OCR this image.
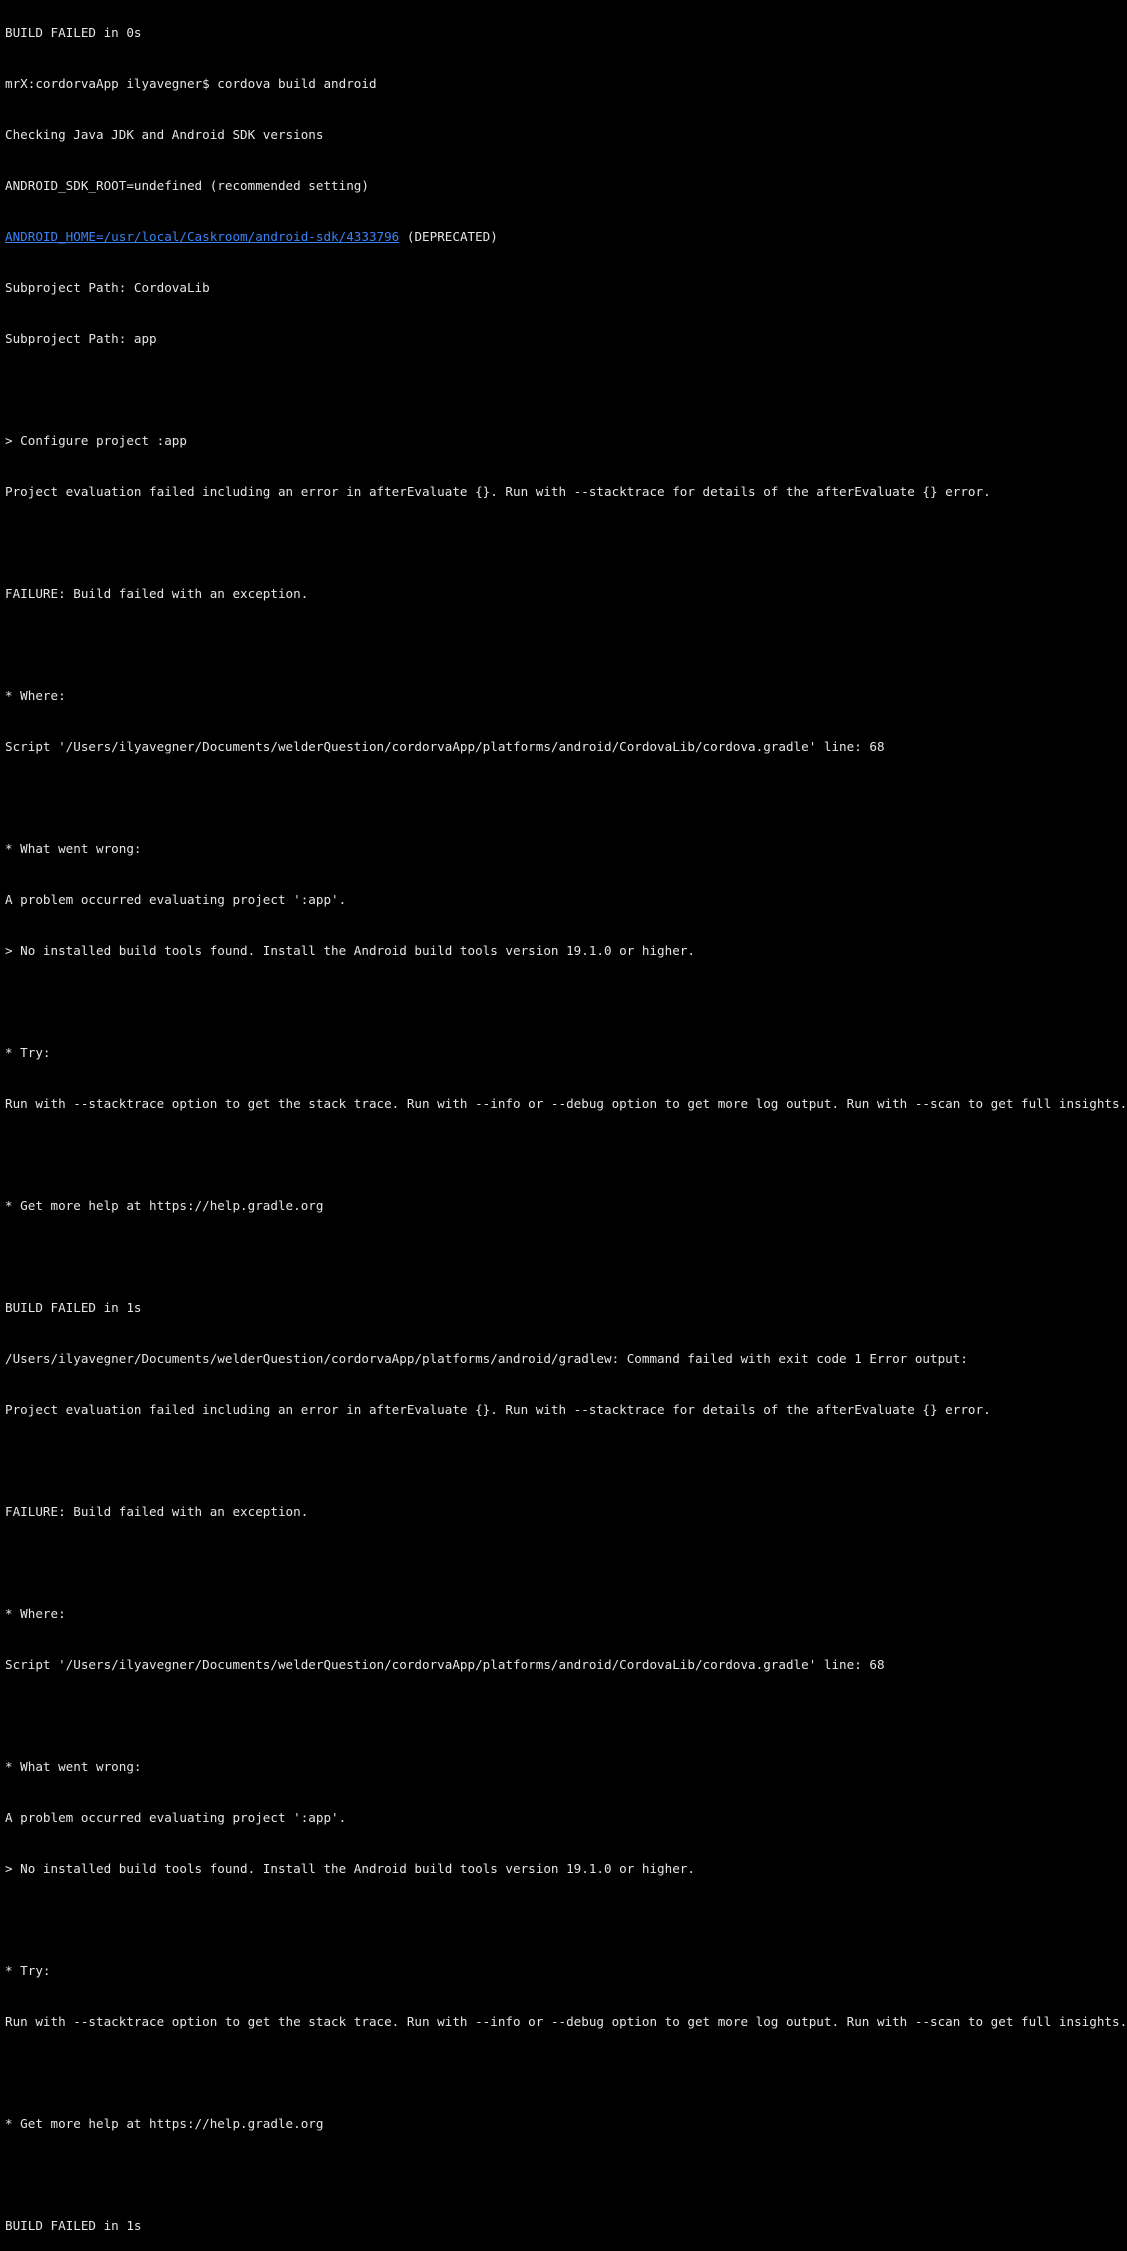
BUILD FAILED in 0s

mrX:cordorvaApp ilyavegner$ cordova build android

Checking Java JDK and Android SDK versions

ANDROID_SDK_ROOT=undefined (recommended setting)

ANDROID_HOME=/usr/local/Caskroom/android-sdk/4333796 (DEPRECATED)

Subproject Path: CordovaLib

Subproject Path: app

> Configure project :app

Project evaluation failed including an error in afterEvaluate {}. Run with --stacktrace for details of the afterEvaluate {} error.

FAILURE: Build failed with an exception.

* Where:

Script '/Users/ilyavegner/Documents/welderQuestion/cordorvaApp/platforms/android/CordovaLib/cordova.gradle' line: 68

* What went wrong:

A problem occurred evaluating project ':app'.

> No installed build tools found. Install the Android build tools version 19.1.0 or higher.

* Try:

Run with --stacktrace option to get the stack trace. Run with --info or --debug option to get more log output. Run with --scan to get full insights.

* Get more help at https://help.gradle.org

BUILD FAILED in 1s

/Users/ilyavegner/Documents/welderQuestion/cordorvaApp/platforms/android/gradlew: Command failed with exit code 1 Error output:

Project evaluation failed including an error in afterEvaluate {}. Run with --stacktrace for details of the afterEvaluate {} error.

FAILURE: Build failed with an exception.

* Where:

Script '/Users/ilyavegner/Documents/welderQuestion/cordorvaApp/platforms/android/CordovaLib/cordova.gradle' line: 68

* What went wrong:

A problem occurred evaluating project ':app'.

> No installed build tools found. Install the Android build tools version 19.1.0 or higher.

* Try:

Run with --stacktrace option to get the stack trace. Run with --info or --debug option to get more log output. Run with --scan to get full insights.

* Get more help at https://help.gradle.org

BUILD FAILED in 1s
